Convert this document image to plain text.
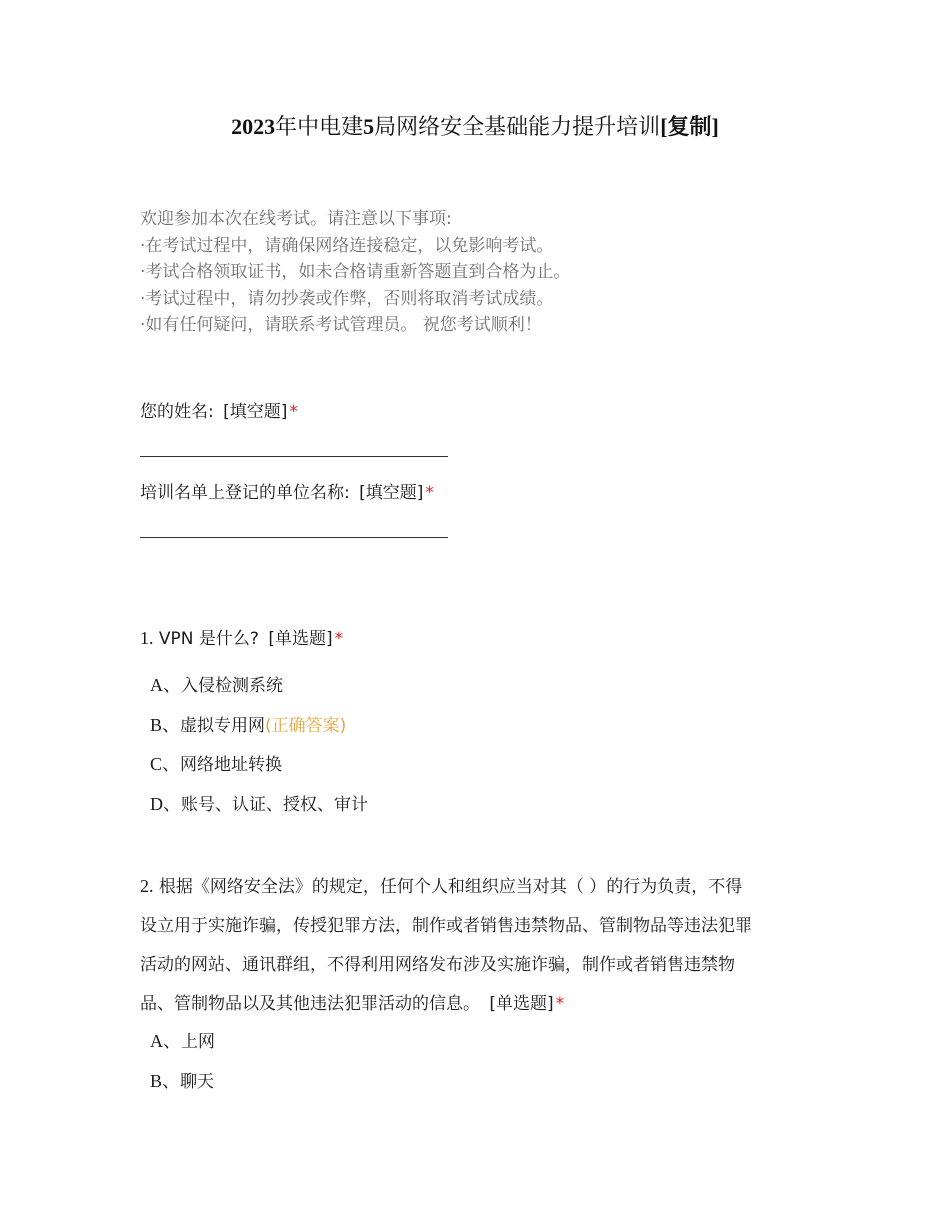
2023年中电建5局网络安全基础能力提升培训[复制]
欢迎参加本次在线考试。请注意以下事项:
·在考试过程中，请确保网络连接稳定，以免影响考试。
·考试合格领取证书，如未合格请重新答题直到合格为止。
·考试过程中，请勿抄袭或作弊，否则将取消考试成绩。
·如有任何疑问，请联系考试管理员。 祝您考试顺利！
您的姓名: [填空题] *
培训名单上登记的单位名称: [填空题] *
1. VPN 是什么? [单选题] *
A、入侵检测系统
B、虚拟专用网(正确答案)
C、网络地址转换
D、账号、认证、授权、审计
2. 根据《网络安全法》的规定，任何个人和组织应当对其（ ）的行为负责，不得
设立用于实施诈骗，传授犯罪方法，制作或者销售违禁物品、管制物品等违法犯罪
活动的网站、通讯群组，不得利用网络发布涉及实施诈骗，制作或者销售违禁物
品、管制物品以及其他违法犯罪活动的信息。 [单选题] *
A、上网
B、聊天
